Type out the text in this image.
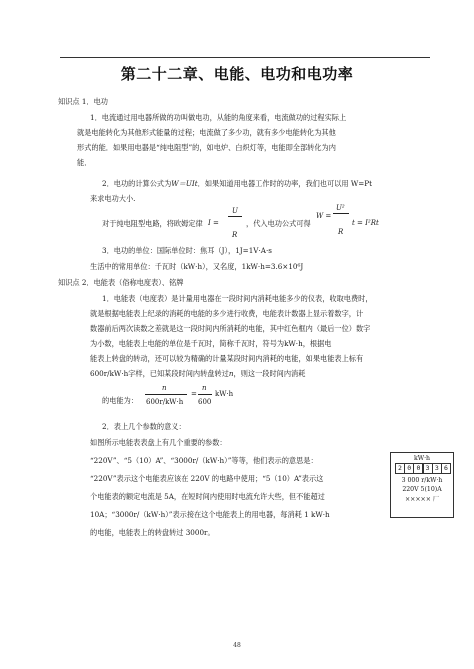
第二十二章、电能、电功和电功率
知识点 1．电功
1．电流通过用电器所做的功叫做电功，从能的角度来看，电流做功的过程实际上
就是电能转化为其他形式能量的过程；电流做了多少功，就有多少电能转化为其他
形式的能．如果用电器是“纯电阻型”的，如电炉、白炽灯等，电能即全部转化为内
能．
2．电功的计算公式为W＝UIt．如果知道用电器工作时的功率，我们也可以用 W=Pt
来求电功大小.
对于纯电阻型电路，将欧姆定律 I =
U
R
，代入电功公式可得
W =
U²
R
t = I²Rt
3．电功的单位：国际单位时：焦耳（J），1J=1V·A·s
生活中的常用单位：千瓦时（kW·h），又名度，1kW·h=3.6×10⁶J
知识点 2．电能表（俗称电度表）、铭牌
1．电能表（电度表）是计量用电器在一段时间内消耗电能多少的仪表，收取电费时，
就是根据电能表上纪录的消耗的电能的多少进行收费，电能表计数器上显示着数字，计
数器前后两次读数之差就是这一段时间内所消耗的电能，其中红色框内（最后一位）数字
为小数，电能表上电能的单位是千瓦时，简称千瓦时，符号为kW·h，根据电
能表上转盘的转动，还可以较为精确的计量某段时间内消耗的电能，如果电能表上标有
600r/kW·h字样，已知某段时间内转盘转过n，则这一段时间内消耗
的电能为：
n
600r/kW·h
=
n
600
kW·h
2．表上几个参数的意义：
如图所示电能表表盘上有几个重要的参数：
“220V”、“5（10）A”、“3000r/（kW·h）”等等，他们表示的意思是：
“220V”表示这个电能表应该在 220V 的电路中使用；“5（10）A”表示这
个电能表的额定电流是 5A，在短时间内使用时电流允许大些，但不能超过
10A；“3000r/（kW·h）”表示接在这个电能表上的用电器，每消耗 1 kW·h
的电能，电能表上的转盘转过 3000r。
kW·h
2 0 0 3 3 6
3 000 r/kW·h
220V 5(10)A
××××× 厂
48
